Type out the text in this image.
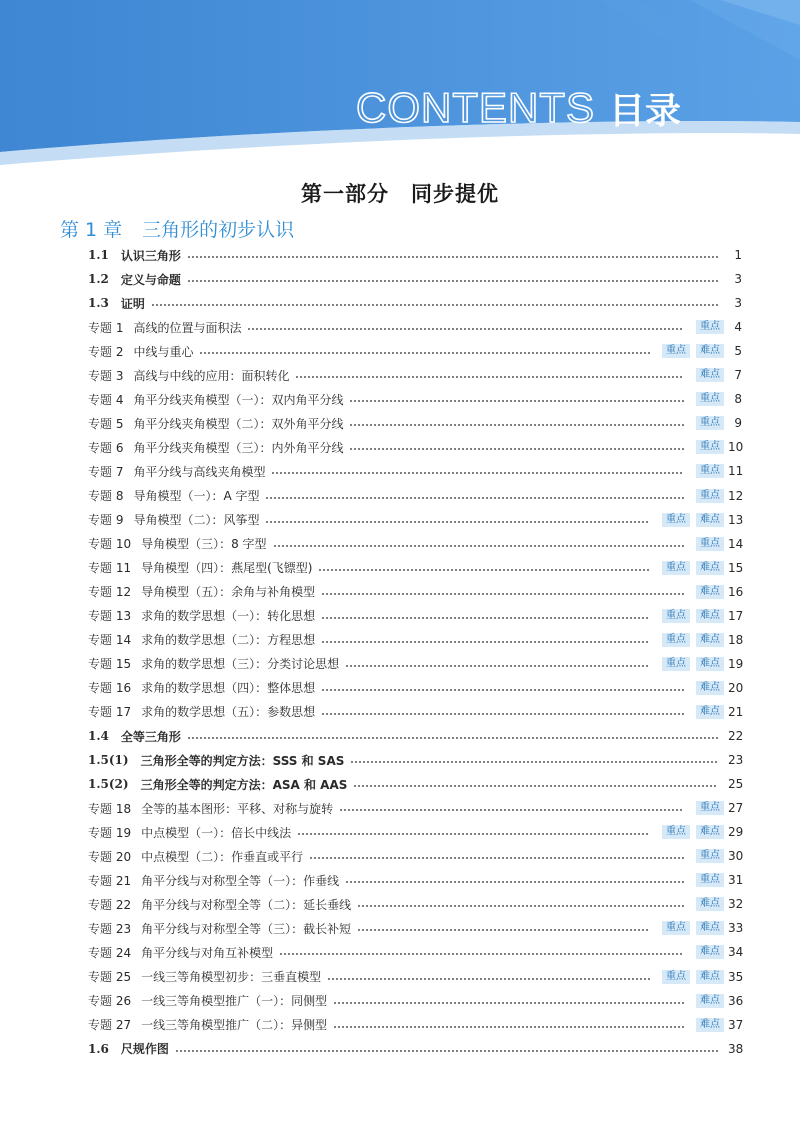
CONTENTS 目录
第一部分　同步提优
第 1 章 三角形的初步认识
1.1 认识三角形	1
1.2 定义与命题	3
1.3 证明	3
专题 1 高线的位置与面积法	重点	4
专题 2 中线与重心	重点	难点	5
专题 3 高线与中线的应用：面积转化	难点	7
专题 4 角平分线夹角模型（一）：双内角平分线	重点	8
专题 5 角平分线夹角模型（二）：双外角平分线	重点	9
专题 6 角平分线夹角模型（三）：内外角平分线	重点 10
专题 7 角平分线与高线夹角模型	重点 11
专题 8 导角模型（一）：A 字型	重点 12
专题 9 导角模型（二）：风筝型	重点	难点 13
专题 10 导角模型（三）：8 字型	重点 14
专题 11 导角模型（四）：燕尾型(飞镖型)	重点	难点 15
专题 12 导角模型（五）：余角与补角模型	难点 16
专题 13 求角的数学思想（一）：转化思想	重点	难点 17
专题 14 求角的数学思想（二）：方程思想	重点	难点 18
专题 15 求角的数学思想（三）：分类讨论思想	重点	难点 19
专题 16 求角的数学思想（四）：整体思想	难点 20
专题 17 求角的数学思想（五）：参数思想	难点 21
1.4 全等三角形	22
1.5(1) 三角形全等的判定方法：SSS 和 SAS	23
1.5(2) 三角形全等的判定方法：ASA 和 AAS	25
专题 18 全等的基本图形：平移、对称与旋转	重点 27
专题 19 中点模型（一）：倍长中线法	重点	难点 29
专题 20 中点模型（二）：作垂直或平行	重点 30
专题 21 角平分线与对称型全等（一）：作垂线	重点 31
专题 22 角平分线与对称型全等（二）：延长垂线	难点 32
专题 23 角平分线与对称型全等（三）：截长补短	重点	难点 33
专题 24 角平分线与对角互补模型	难点 34
专题 25 一线三等角模型初步：三垂直模型	重点	难点 35
专题 26 一线三等角模型推广（一）：同侧型	难点 36
专题 27 一线三等角模型推广（二）：异侧型	难点 37
1.6 尺规作图	38
